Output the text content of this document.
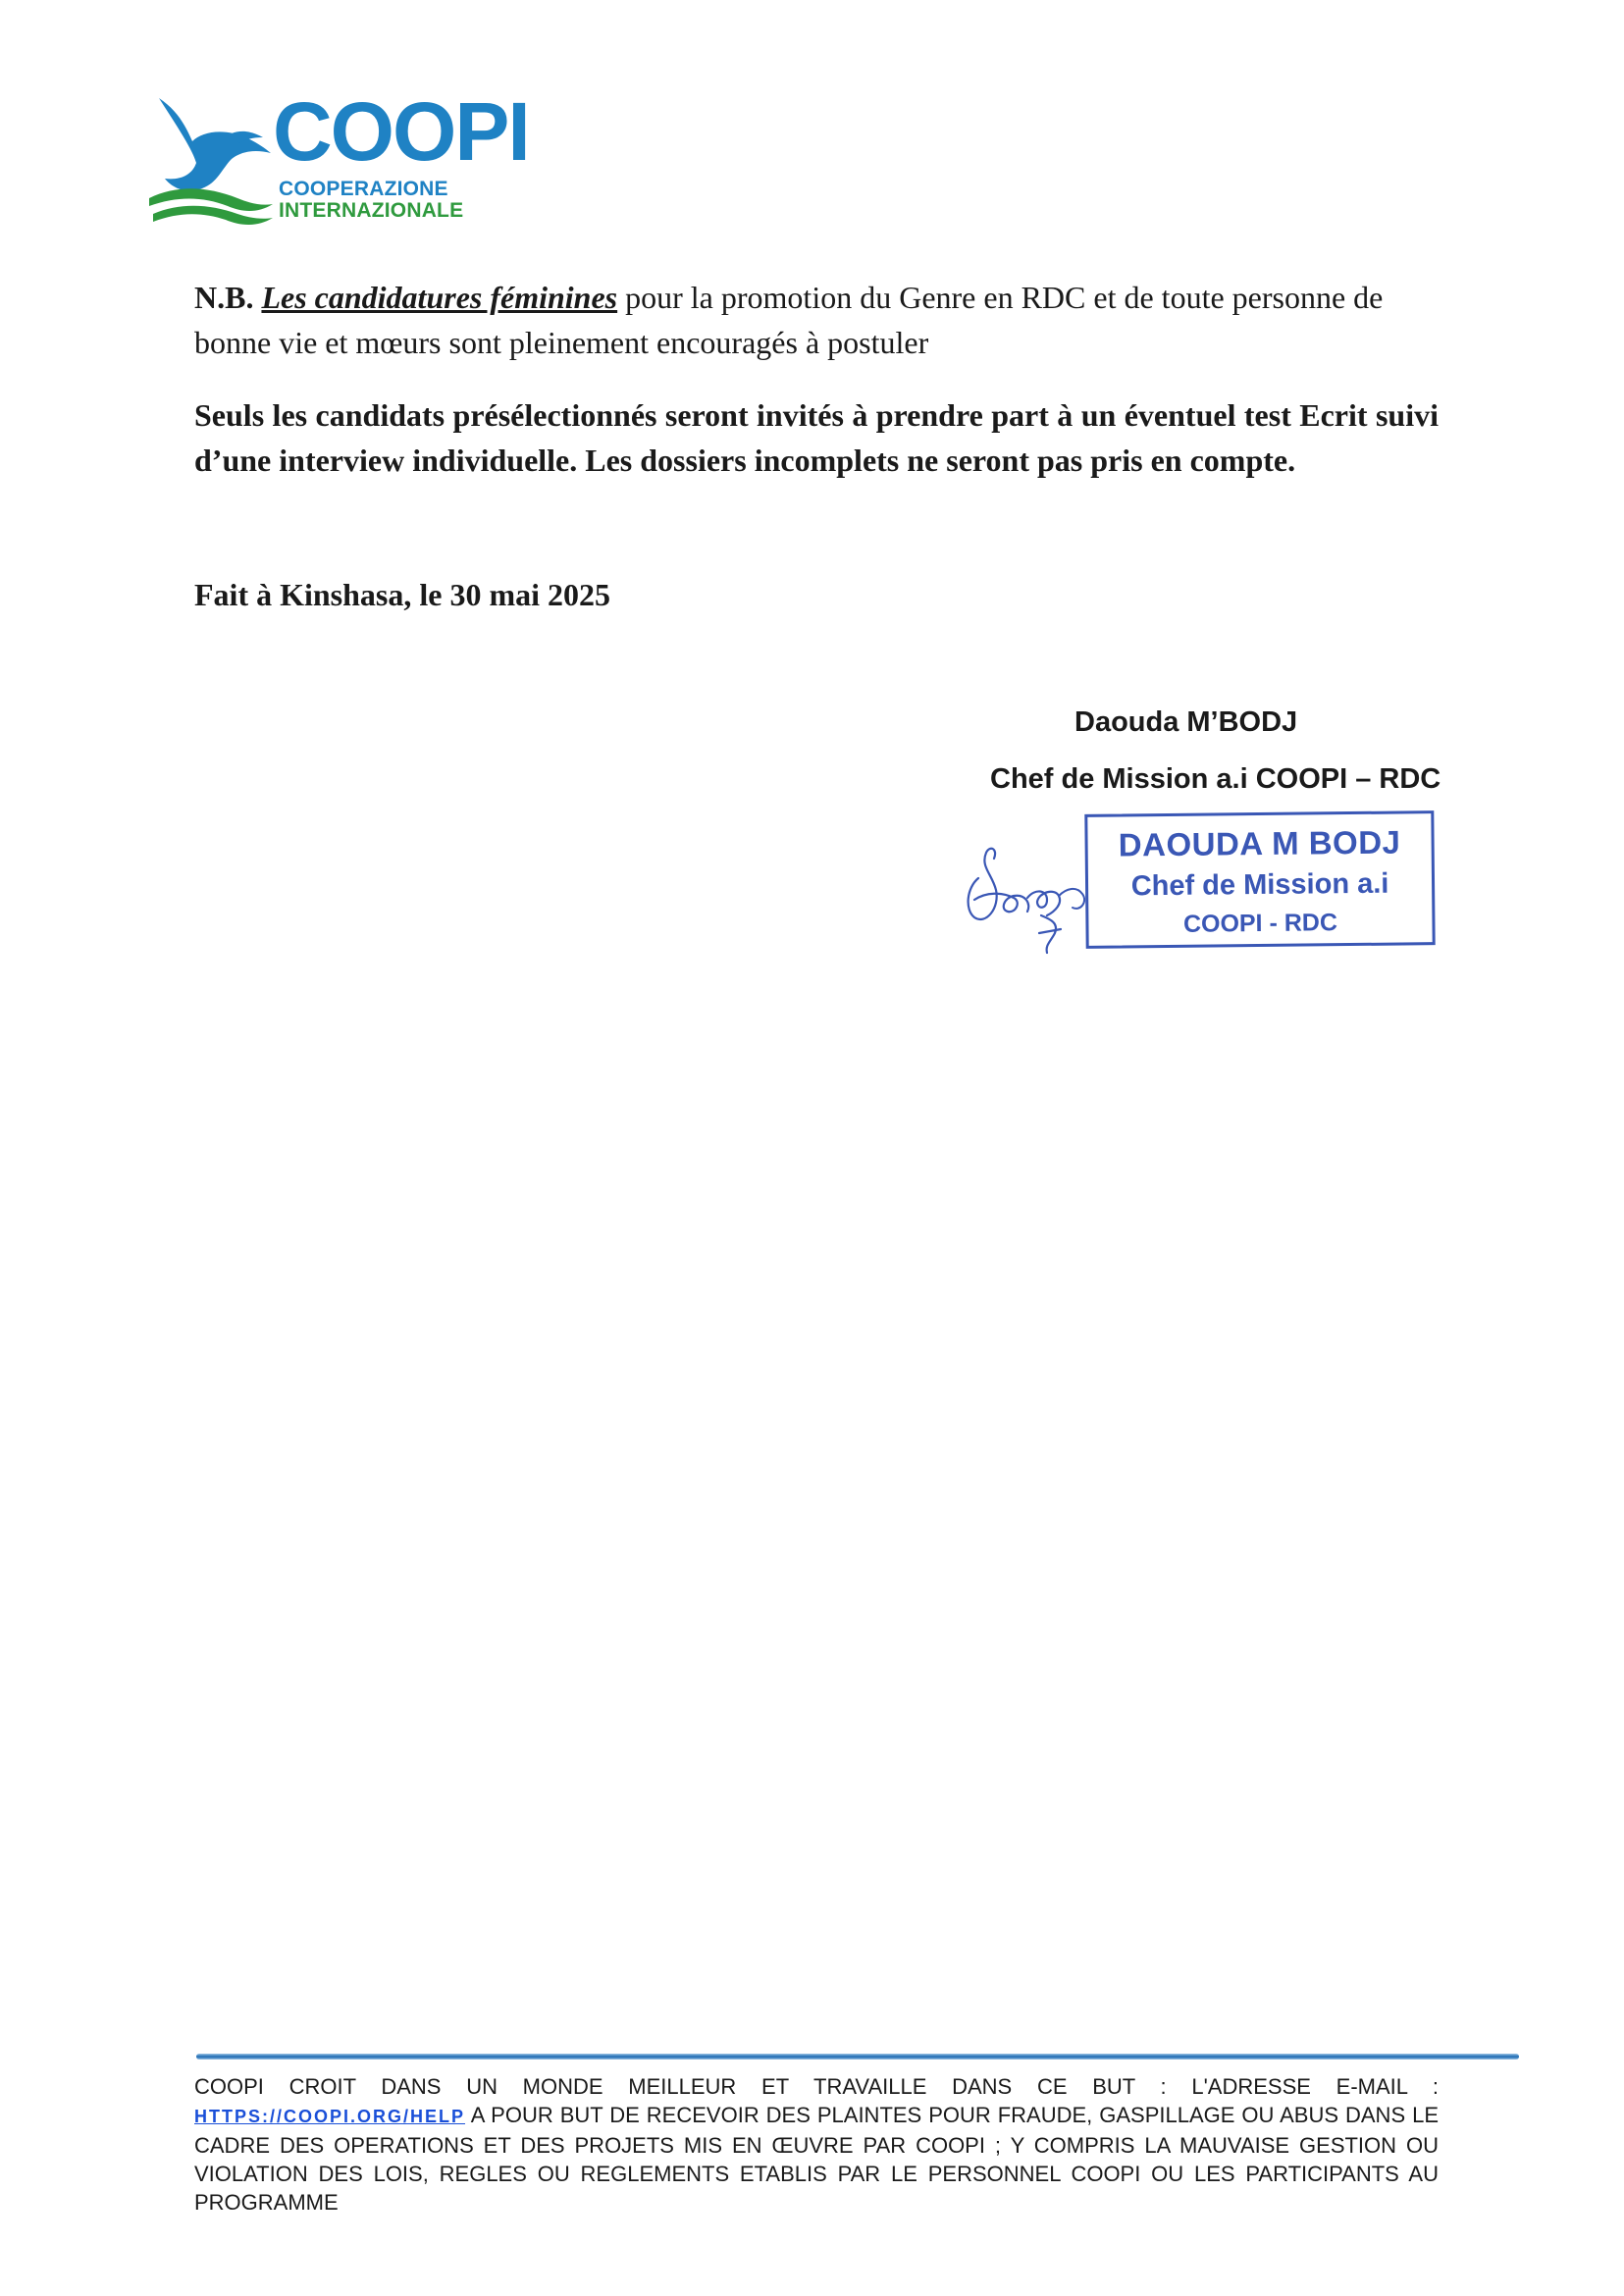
COOPI
COOPERAZIONE
INTERNAZIONALE

N.B. Les candidatures féminines pour la promotion du Genre en RDC et de toute personne de bonne vie et mœurs sont pleinement encouragés à postuler

Seuls les candidats présélectionnés seront invités à prendre part à un éventuel test Ecrit suivi d’une interview individuelle. Les dossiers incomplets ne seront pas pris en compte.

Fait à Kinshasa, le 30 mai 2025

Daouda M’BODJ

Chef de Mission a.i COOPI – RDC

DAOUDA M BODJ
Chef de Mission a.i
COOPI - RDC

COOPI CROIT DANS UN MONDE MEILLEUR ET TRAVAILLE DANS CE BUT : L'ADRESSE E-MAIL : HTTPS://COOPI.ORG/HELP A POUR BUT DE RECEVOIR DES PLAINTES POUR FRAUDE, GASPILLAGE OU ABUS DANS LE CADRE DES OPERATIONS ET DES PROJETS MIS EN ŒUVRE PAR COOPI ; Y COMPRIS LA MAUVAISE GESTION OU VIOLATION DES LOIS, REGLES OU REGLEMENTS ETABLIS PAR LE PERSONNEL COOPI OU LES PARTICIPANTS AU PROGRAMME
